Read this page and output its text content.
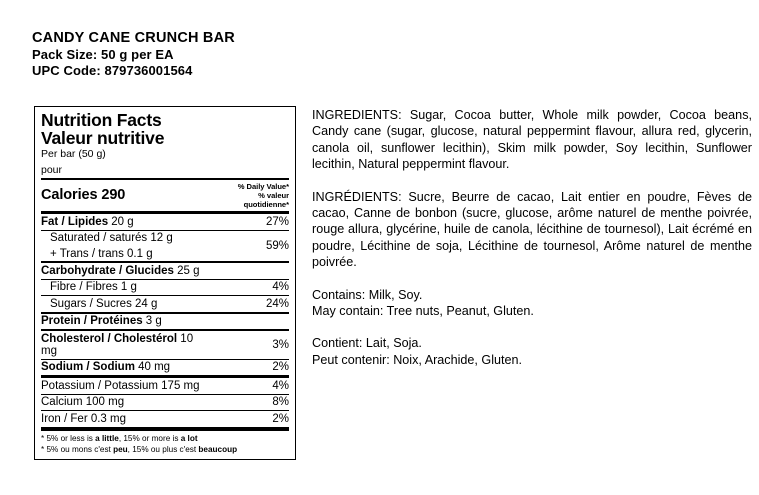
CANDY CANE CRUNCH BAR
Pack Size: 50 g per EA
UPC Code: 879736001564
Nutrition Facts
Valeur nutritive
Per bar (50 g)
pour
Calories 290	% Daily Value*
% valeur quotidienne*
Fat / Lipides 20 g	27%
Saturated / saturés 12 g	59%
+ Trans / trans 0.1 g	
Carbohydrate / Glucides 25 g	
Fibre / Fibres 1 g	4%
Sugars / Sucres 24 g	24%
Protein / Protéines 3 g	
Cholesterol / Cholestérol 10 mg	3%
Sodium / Sodium 40 mg	2%
Potassium / Potassium 175 mg	4%
Calcium 100 mg	8%
Iron / Fer 0.3 mg	2%
* 5% or less is a little, 15% or more is a lot
* 5% ou mons c'est peu, 15% ou plus c'est beaucoup

INGREDIENTS: Sugar, Cocoa butter, Whole milk powder, Cocoa beans, Candy cane (sugar, glucose, natural peppermint flavour, allura red, glycerin, canola oil, sunflower lecithin), Skim milk powder, Soy lecithin, Sunflower lecithin, Natural peppermint flavour.

INGRÉDIENTS: Sucre, Beurre de cacao, Lait entier en poudre, Fèves de cacao, Canne de bonbon (sucre, glucose, arôme naturel de menthe poivrée, rouge allura, glycérine, huile de canola, lécithine de tournesol), Lait écrémé en poudre, Lécithine de soja, Lécithine de tournesol, Arôme naturel de menthe poivrée.

Contains: Milk, Soy.

May contain: Tree nuts, Peanut, Gluten.

Contient: Lait, Soja.

Peut contenir: Noix, Arachide, Gluten.
